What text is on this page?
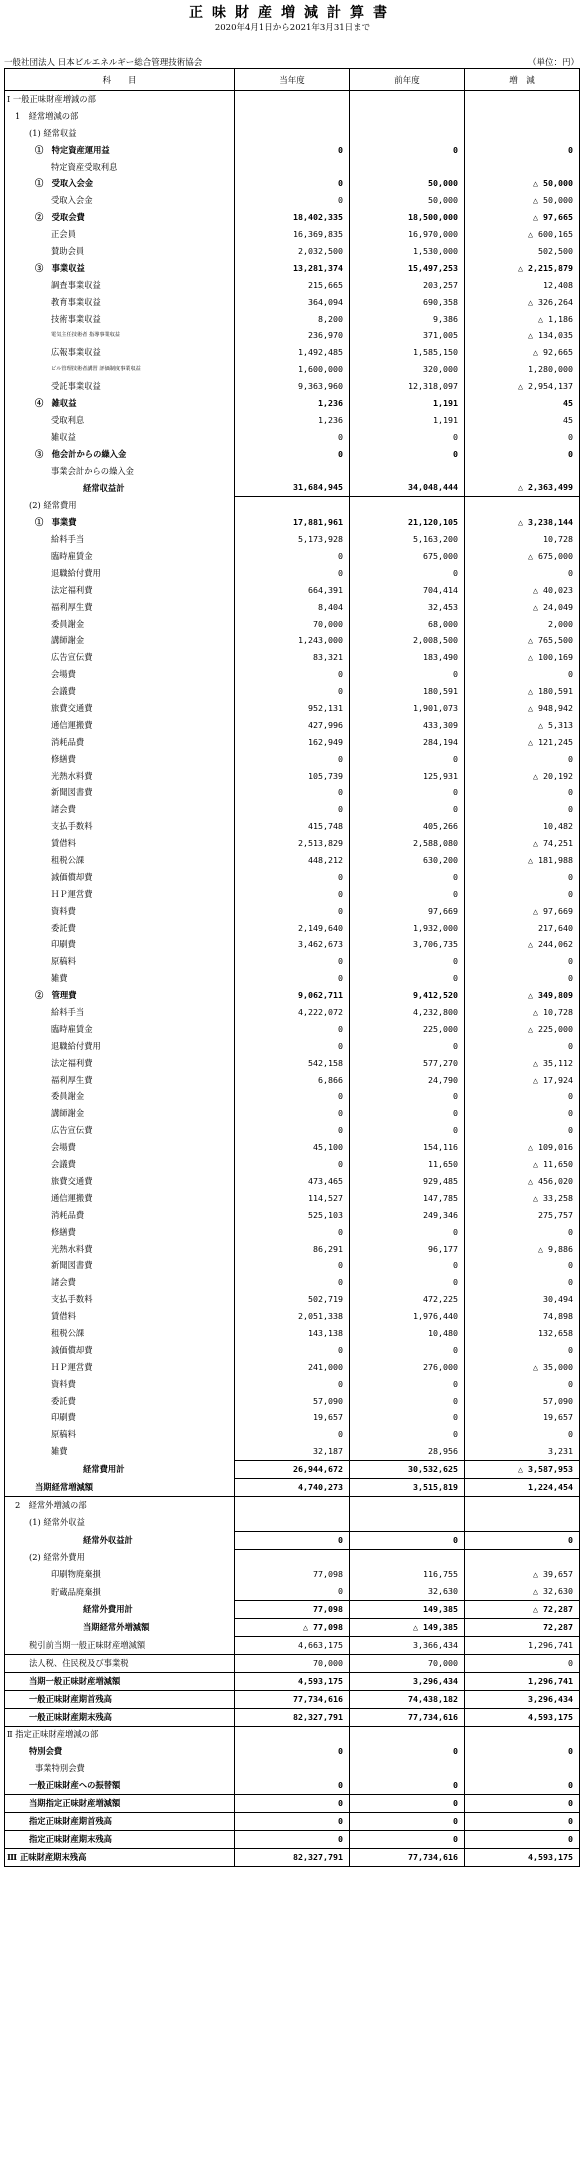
正味財産増減計算書
2020年4月1日から2021年3月31日まで
一般社団法人 日本ビルエネルギー総合管理技術協会	（単位：円）
科　　目	当年度	前年度	増　減
Ⅰ 一般正味財産増減の部			
1　経常増減の部			
(1) 経常収益			
①　特定資産運用益	0	0	0
特定資産受取利息			
①　受取入会金	0	50,000	△ 50,000
受取入会金	0	50,000	△ 50,000
②　受取会費	18,402,335	18,500,000	△ 97,665
正会員	16,369,835	16,970,000	△ 600,165
賛助会員	2,032,500	1,530,000	502,500
③　事業収益	13,281,374	15,497,253	△ 2,215,879
調査事業収益	215,665	203,257	12,408
教育事業収益	364,094	690,358	△ 326,264
技術事業収益	8,200	9,386	△ 1,186
電気主任技術者 指導事業収益	236,970	371,005	△ 134,035
広報事業収益	1,492,485	1,585,150	△ 92,665
ビル管理技術者講習 評価制度事業収益	1,600,000	320,000	1,280,000
受託事業収益	9,363,960	12,318,097	△ 2,954,137
④　雑収益	1,236	1,191	45
受取利息	1,236	1,191	45
雑収益	0	0	0
③　他会計からの繰入金	0	0	0
事業会計からの繰入金			
経常収益計	31,684,945	34,048,444	△ 2,363,499
(2) 経常費用			
①　事業費	17,881,961	21,120,105	△ 3,238,144
給料手当	5,173,928	5,163,200	10,728
臨時雇賃金	0	675,000	△ 675,000
退職給付費用	0	0	0
法定福利費	664,391	704,414	△ 40,023
福利厚生費	8,404	32,453	△ 24,049
委員謝金	70,000	68,000	2,000
講師謝金	1,243,000	2,008,500	△ 765,500
広告宣伝費	83,321	183,490	△ 100,169
会場費	0	0	0
会議費	0	180,591	△ 180,591
旅費交通費	952,131	1,901,073	△ 948,942
通信運搬費	427,996	433,309	△ 5,313
消耗品費	162,949	284,194	△ 121,245
修繕費	0	0	0
光熱水料費	105,739	125,931	△ 20,192
新聞図書費	0	0	0
諸会費	0	0	0
支払手数料	415,748	405,266	10,482
賃借料	2,513,829	2,588,080	△ 74,251
租税公課	448,212	630,200	△ 181,988
減価償却費	0	0	0
ＨＰ運営費	0	0	0
資料費	0	97,669	△ 97,669
委託費	2,149,640	1,932,000	217,640
印刷費	3,462,673	3,706,735	△ 244,062
原稿料	0	0	0
雑費	0	0	0
②　管理費	9,062,711	9,412,520	△ 349,809
給料手当	4,222,072	4,232,800	△ 10,728
臨時雇賃金	0	225,000	△ 225,000
退職給付費用	0	0	0
法定福利費	542,158	577,270	△ 35,112
福利厚生費	6,866	24,790	△ 17,924
委員謝金	0	0	0
講師謝金	0	0	0
広告宣伝費	0	0	0
会場費	45,100	154,116	△ 109,016
会議費	0	11,650	△ 11,650
旅費交通費	473,465	929,485	△ 456,020
通信運搬費	114,527	147,785	△ 33,258
消耗品費	525,103	249,346	275,757
修繕費	0	0	0
光熱水料費	86,291	96,177	△ 9,886
新聞図書費	0	0	0
諸会費	0	0	0
支払手数料	502,719	472,225	30,494
賃借料	2,051,338	1,976,440	74,898
租税公課	143,138	10,480	132,658
減価償却費	0	0	0
ＨＰ運営費	241,000	276,000	△ 35,000
資料費	0	0	0
委託費	57,090	0	57,090
印刷費	19,657	0	19,657
原稿料	0	0	0
雑費	32,187	28,956	3,231
経常費用計	26,944,672	30,532,625	△ 3,587,953
当期経常増減額	4,740,273	3,515,819	1,224,454
2　経常外増減の部			
(1) 経常外収益			
経常外収益計	0	0	0
(2) 経常外費用			
印刷物廃棄損	77,098	116,755	△ 39,657
貯蔵品廃棄損	0	32,630	△ 32,630
経常外費用計	77,098	149,385	△ 72,287
当期経常外増減額	△ 77,098	△ 149,385	72,287
税引前当期一般正味財産増減額	4,663,175	3,366,434	1,296,741
法人税、住民税及び事業税	70,000	70,000	0
当期一般正味財産増減額	4,593,175	3,296,434	1,296,741
一般正味財産期首残高	77,734,616	74,438,182	3,296,434
一般正味財産期末残高	82,327,791	77,734,616	4,593,175
Ⅱ 指定正味財産増減の部			
特別会費	0	0	0
事業特別会費			
一般正味財産への振替額	0	0	0
当期指定正味財産増減額	0	0	0
指定正味財産期首残高	0	0	0
指定正味財産期末残高	0	0	0
Ⅲ 正味財産期末残高	82,327,791	77,734,616	4,593,175
